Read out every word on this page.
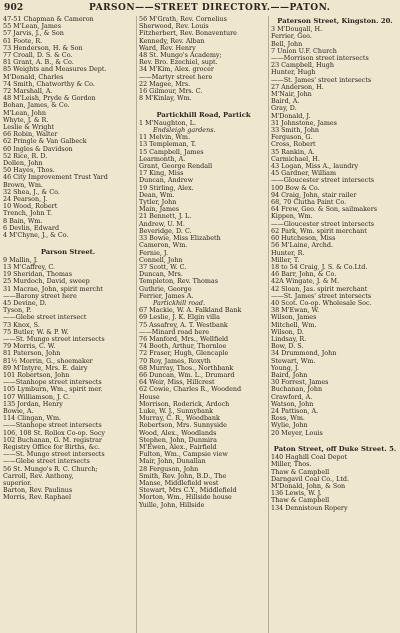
902	PARSON——STREET DIRECTORY.——PATON.
47-51 Chapman & Cameron
55 M'Lean, James
57 Jarvis, J., & Son
61 Foote, R.
73 Henderson, H. & Son
77 Croall, D. S. & Co.
81 Grant, A. B., & Co.
85 Weights and Measures Dept.
M'Donald, Charles
74 Smith, Chatworthy & Co.
72 Marshall, A.
48 M'Leish, Pryde & Gordon
Bohan, James, & Co.
M'Lean, John
Whyte, J. & R.
Leslie & Wright
66 Robin, Walter
62 Pringle & Van Galbeck
60 Ingles & Davidson
52 Rice, R. D.
Dollen, John
50 Hayes, Thos.
46 City Improvement Trust Yard
Brown, Wm.
32 Shea, J., & Co.
24 Pearson, J.
10 Wood, Robert
Trench, John T.
8 Bain, Wm.
6 Devlin, Edward
4 M'Chyne, J., & Co.

Parson Street.
9 Mallin, J.
13 M'Caffrey, C.
19 Sheridan, Thomas
25 Murdoch, David, sweep
31 Macrae, John, spirit mercht
——Barony street here
45 Devine, D.
Tyson, P.
——Glebe street intersect
73 Knox, S.
75 Butler, W. & P. W.
——St. Mungo street intersects
79 Morris, C. W.
81 Paterson, John
81½ Morrin, G., shoemaker
89 M'Intyre, Mrs. E. dairy
101 Robertson, John
——Stanhope street intersects
105 Lymburn, Wm., spirit mer.
107 Williamson, J. C.
135 Jordan, Henry
Bowie, A.
114 Clingan, Wm.
——Stanhope street intersects
106, 108 St. Rollox Co-op. Socy
102 Buchanan, G. M. registrar
Registry Office for Births, &c.
——St. Mungo street intersects
——Glebe street intersects
56 St. Mungo's R. C. Church;
Carroll, Rev. Anthony,
superior.
Barton, Rev. Paulinus
Morris, Rev. Raphael
56 M'Grath, Rev. Cornelius
Sherwood, Rev. Louis
Fitzherbert, Rev. Bonaventure
Kennedy, Rev. Alban
Ward, Rev. Henry
48 St. Mungo's Academy;
Rev. Bro. Ezechiel, supt.
34 M'Kim, Alex. grocer
——Martyr street here
22 Magee, Mrs.
16 Gilmour, Mrs. C.
8 M'Kinlay, Wm.

Partickhill Road, Partick
1 M'Naughton, L.
Endsleigh gardens.
11 Melvin, Wm.
13 Templeman, T.
15 Campbell, James
Learmonth, A.
Grant, George Rendall
17 King, Miss
Duncan, Andrew
19 Stirling, Alex.
Dean, Wm.
Tytler, John
Main, James
21 Bennett, J. L.
Andrew, U. M.
Beveridge, D. C.
33 Bowie, Miss Elizabeth
Cameron, Wm.
Fernie, J.
Connell, John
37 Scott, W. C.
Duncan, Mrs.
Templeton, Rev. Thomas
Guthrie, George
Ferrier, James A.
Partickhill road.
67 Mackie, W. A. Falkland Bank
69 Leslie, J. K. Elgin villa
75 Assafrey, A. T. Westbank
——Minard road here
76 Manford, Mrs., Wellfield
74 Booth, Arthur, Thornloe
72 Fraser, Hugh, Glencaple
70 Roy, James, Roxyth
68 Murray, Thos., Northbank
66 Duncan, Wm. L., Drumard
64 Weir, Miss, Hillcrest
62 Cowie, Charles R., Woodend
House
Morrison, Roderick, Ardoch
Luke, W. J., Sunnybank
Murray, C. R., Woodbank
Robertson, Mrs. Sunnyside
Wood, Alex., Woodlands
Stephen, John, Dunmira
M'Ewen, Alex., Fairfield
Fulton, Wm., Campsie view
Mair, John, Dunallan
28 Ferguson, John
Smith, Rev. John, B.D., The
Manse, Middlefield west
Stewart, Mrs C.Y., Middlefield
Morton, Wm., Hillside house
Yuille, John, Hillside
Paterson Street, Kingston. 20.
3 M'Dougall, H.
Ferrier, Geo.
Bell, John
7 Union U.F. Church
——Morrison street intersects
23 Campbell, Hugh
Hunter, Hugh
——St. James' street intersects
27 Anderson, H.
M'Nair, John
Baird, A.
Gray, D.
M'Donald, J.
31 Johnstone, James
33 Smith, John
Ferguson, G.
Cross, Robert
35 Rankin, A.
Carmichael, H.
43 Logan, Miss A., laundry
45 Gardner, William
——Gloucester street intersects
100 Bow & Co.
94 Craig, John, stair railer
68, 70 Clutha Paint Co.
64 Frew, Geo. & Son, sailmakers
Kippen, Wm.
——Gloucester street intersects
62 Park, Wm. spirit merchant
60 Hutcheson, Miss
56 M'Laine, Archd.
Hunter, R.
Miller, T.
18 to 54 Craig, J. S. & Co.Ltd.
46 Barr, John, & Co.
42A Wingate, J. & M.
42 Sloan, Jas. spirit merchant
——St. James' street intersects
40 Scot. Co-op. Wholesale Soc.
38 M'Ewan, W.
Wilson, James
Mitchell, Wm.
Wilson, D.
Lindsay, R.
Bow, D. S.
34 Drummond, John
Stewart, Wm.
Young, J.
Baird, John
30 Forrest, James
Buchanan, John
Crawford, A.
Watson, John
24 Pattison, A.
Ross, Wm.
Wylie, John
20 Meyer, Louis

Paton Street, off Duke Street. 5.
140 Haghill Coal Depot
Miller, Thos.
Thaw & Campbell
Darngavil Coal Co., Ltd.
M'Donald, John, & Son
136 Lewis, W. J.
Thaw & Campbell
134 Dennistoun Ropery
